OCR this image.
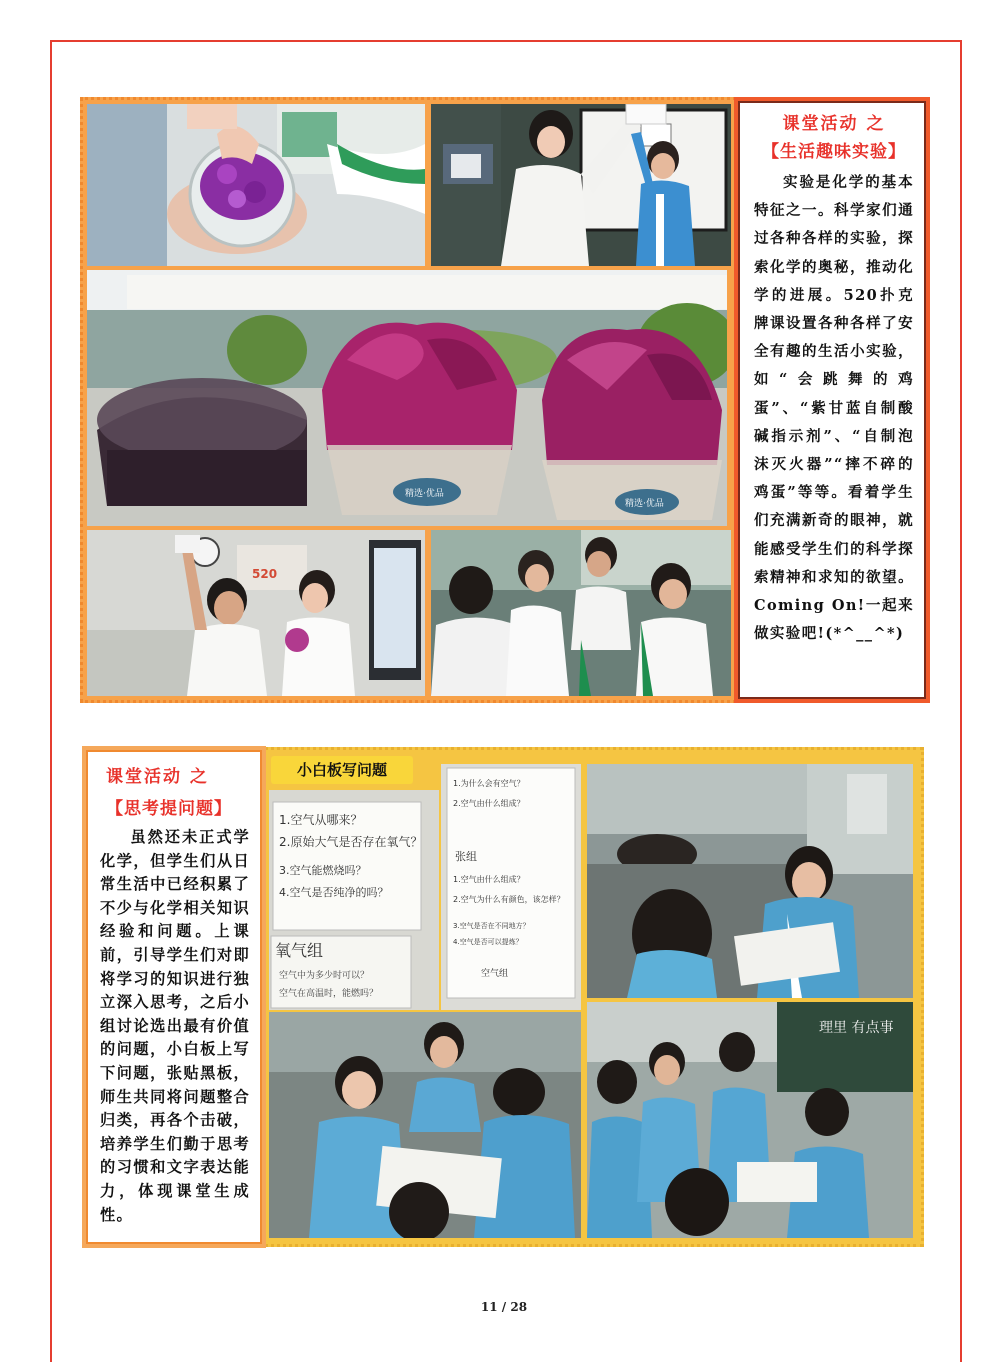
精选·优品
精选·优品
520
课堂活动 之
【生活趣味实验】
实验是化学的基本特征之一。科学家们通过各种各样的实验，探索化学的奥秘，推动化学的进展。520扑克牌课设置各种各样了安全有趣的生活小实验，如“会跳舞的鸡蛋”、“紫甘蓝自制酸碱指示剂”、“自制泡沫灭火器”“摔不碎的鸡蛋”等等。看着学生们充满新奇的眼神，就能感受学生们的科学探索精神和求知的欲望。Coming On!一起来做实验吧!(*^__^*)
小白板写问题
1.空气从哪来？
2.原始大气是否存在氧气？
3.空气能燃烧吗？
4.空气是否纯净的吗？
氧气组
空气中为多少时可以？
空气在高温时，能燃吗？
1.为什么会有空气？
2.空气由什么组成？
张组
1.空气由什么组成？
2.空气为什么有颜色，该怎样？
3.空气是否在不同地方？
4.空气是否可以提炼？
空气组
理里 有点事
课堂活动 之
【思考提问题】
虽然还未正式学化学，但学生们从日常生活中已经积累了不少与化学相关知识经验和问题。上课前，引导学生们对即将学习的知识进行独立深入思考，之后小组讨论选出最有价值的问题，小白板上写下问题，张贴黑板，师生共同将问题整合归类，再各个击破，培养学生们勤于思考的习惯和文字表达能力，体现课堂生成性。
11 / 28
